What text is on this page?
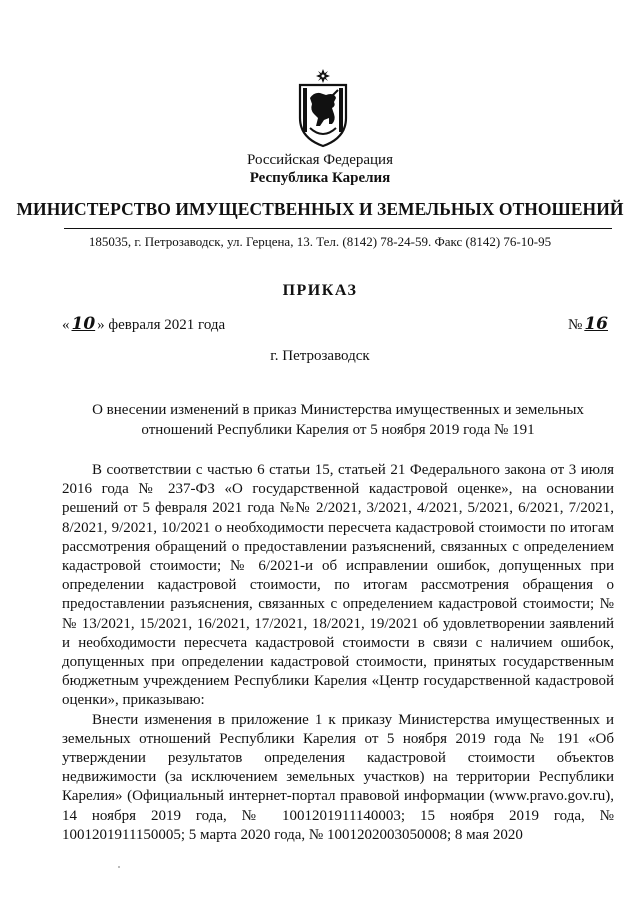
Российская Федерация
Республика Карелия
МИНИСТЕРСТВО ИМУЩЕСТВЕННЫХ И ЗЕМЕЛЬНЫХ ОТНОШЕНИЙ
185035, г. Петрозаводск, ул. Герцена, 13. Тел. (8142) 78-24-59. Факс (8142) 76-10-95
ПРИКАЗ
« 10 » февраля 2021 года	№ 16
г. Петрозаводск
О внесении изменений в приказ Министерства имущественных и земельных отношений Республики Карелия от 5 ноября 2019 года № 191

В соответствии с частью 6 статьи 15, статьей 21 Федерального закона от 3 июля 2016 года № 237-ФЗ «О государственной кадастровой оценке», на основании решений от 5 февраля 2021 года №№ 2/2021, 3/2021, 4/2021, 5/2021, 6/2021, 7/2021, 8/2021, 9/2021, 10/2021 о необходимости пересчета кадастровой стоимости по итогам рассмотрения обращений о предоставлении разъяснений, связанных с определением кадастровой стоимости; № 6/2021-и об исправлении ошибок, допущенных при определении кадастровой стоимости, по итогам рассмотрения обращения о предоставлении разъяснения, связанных с определением кадастровой стоимости; №№ 13/2021, 15/2021, 16/2021, 17/2021, 18/2021, 19/2021 об удовлетворении заявлений и необходимости пересчета кадастровой стоимости в связи с наличием ошибок, допущенных при определении кадастровой стоимости, принятых государственным бюджетным учреждением Республики Карелия «Центр государственной кадастровой оценки», приказываю:

Внести изменения в приложение 1 к приказу Министерства имущественных и земельных отношений Республики Карелия от 5 ноября 2019 года № 191 «Об утверждении результатов определения кадастровой стоимости объектов недвижимости (за исключением земельных участков) на территории Республики Карелия» (Официальный интернет-портал правовой информации (www.pravo.gov.ru), 14 ноября 2019 года, № 1001201911140003; 15 ноября 2019 года, № 1001201911150005; 5 марта 2020 года, № 1001202003050008; 8 мая 2020
